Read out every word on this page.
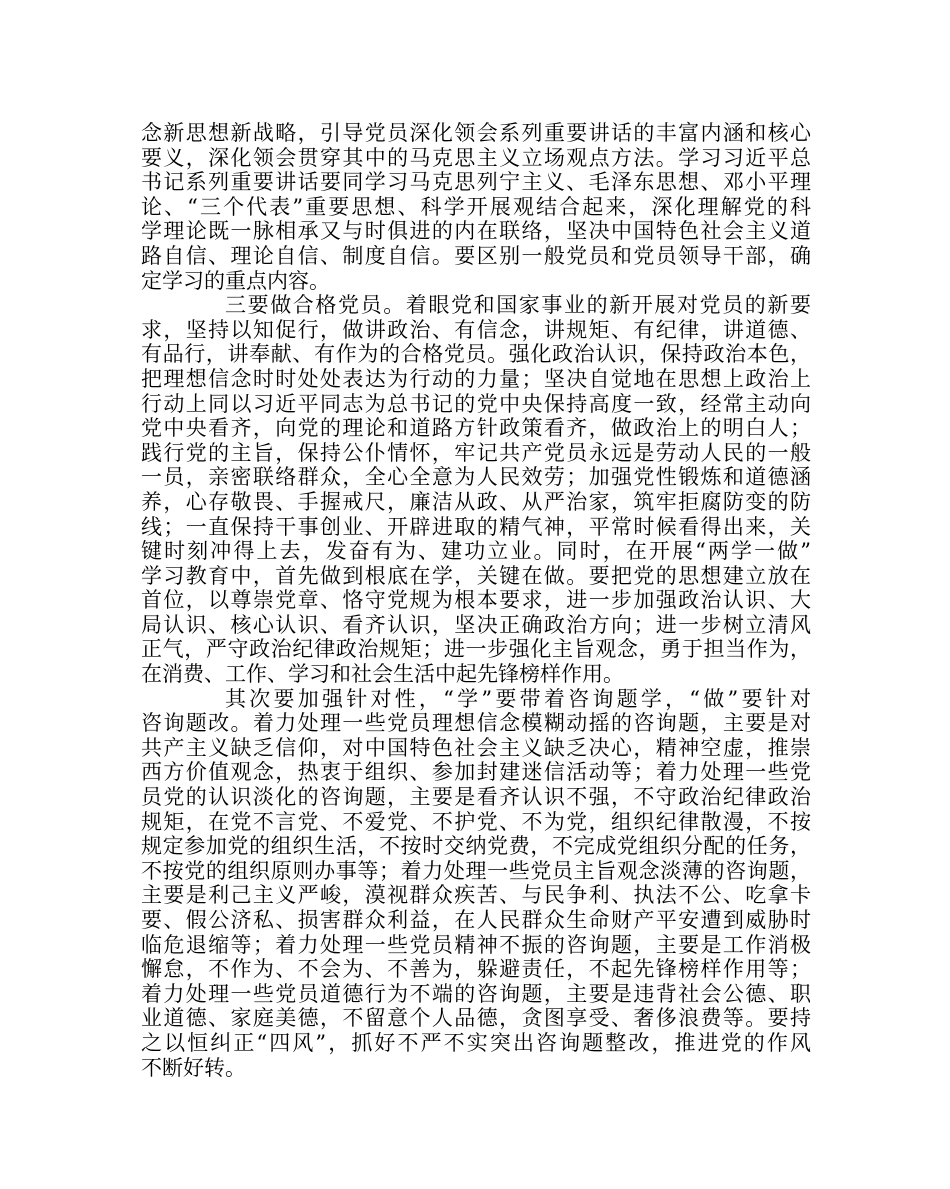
念新思想新战略，引导党员深化领会系列重要讲话的丰富内涵和核心
要义，深化领会贯穿其中的马克思主义立场观点方法。学习习近平总
书记系列重要讲话要同学习马克思列宁主义、毛泽东思想、邓小平理
论、“三个代表”重要思想、科学开展观结合起来，深化理解党的科
学理论既一脉相承又与时俱进的内在联络，坚决中国特色社会主义道
路自信、理论自信、制度自信。要区别一般党员和党员领导干部，确
定学习的重点内容。
三要做合格党员。着眼党和国家事业的新开展对党员的新要
求，坚持以知促行，做讲政治、有信念，讲规矩、有纪律，讲道德、
有品行，讲奉献、有作为的合格党员。强化政治认识，保持政治本色，
把理想信念时时处处表达为行动的力量；坚决自觉地在思想上政治上
行动上同以习近平同志为总书记的党中央保持高度一致，经常主动向
党中央看齐，向党的理论和道路方针政策看齐，做政治上的明白人；
践行党的主旨，保持公仆情怀，牢记共产党员永远是劳动人民的一般
一员，亲密联络群众，全心全意为人民效劳；加强党性锻炼和道德涵
养，心存敬畏、手握戒尺，廉洁从政、从严治家，筑牢拒腐防变的防
线；一直保持干事创业、开辟进取的精气神，平常时候看得出来，关
键时刻冲得上去，发奋有为、建功立业。同时，在开展“两学一做”
学习教育中，首先做到根底在学，关键在做。要把党的思想建立放在
首位，以尊崇党章、恪守党规为根本要求，进一步加强政治认识、大
局认识、核心认识、看齐认识，坚决正确政治方向；进一步树立清风
正气，严守政治纪律政治规矩；进一步强化主旨观念，勇于担当作为，
在消费、工作、学习和社会生活中起先锋榜样作用。
其次要加强针对性，“学”要带着咨询题学，“做”要针对
咨询题改。着力处理一些党员理想信念模糊动摇的咨询题，主要是对
共产主义缺乏信仰，对中国特色社会主义缺乏决心，精神空虚，推崇
西方价值观念，热衷于组织、参加封建迷信活动等；着力处理一些党
员党的认识淡化的咨询题，主要是看齐认识不强，不守政治纪律政治
规矩，在党不言党、不爱党、不护党、不为党，组织纪律散漫，不按
规定参加党的组织生活，不按时交纳党费，不完成党组织分配的任务，
不按党的组织原则办事等；着力处理一些党员主旨观念淡薄的咨询题，
主要是利己主义严峻，漠视群众疾苦、与民争利、执法不公、吃拿卡
要、假公济私、损害群众利益，在人民群众生命财产平安遭到威胁时
临危退缩等；着力处理一些党员精神不振的咨询题，主要是工作消极
懈怠，不作为、不会为、不善为，躲避责任，不起先锋榜样作用等；
着力处理一些党员道德行为不端的咨询题，主要是违背社会公德、职
业道德、家庭美德，不留意个人品德，贪图享受、奢侈浪费等。要持
之以恒纠正“四风”，抓好不严不实突出咨询题整改，推进党的作风
不断好转。
